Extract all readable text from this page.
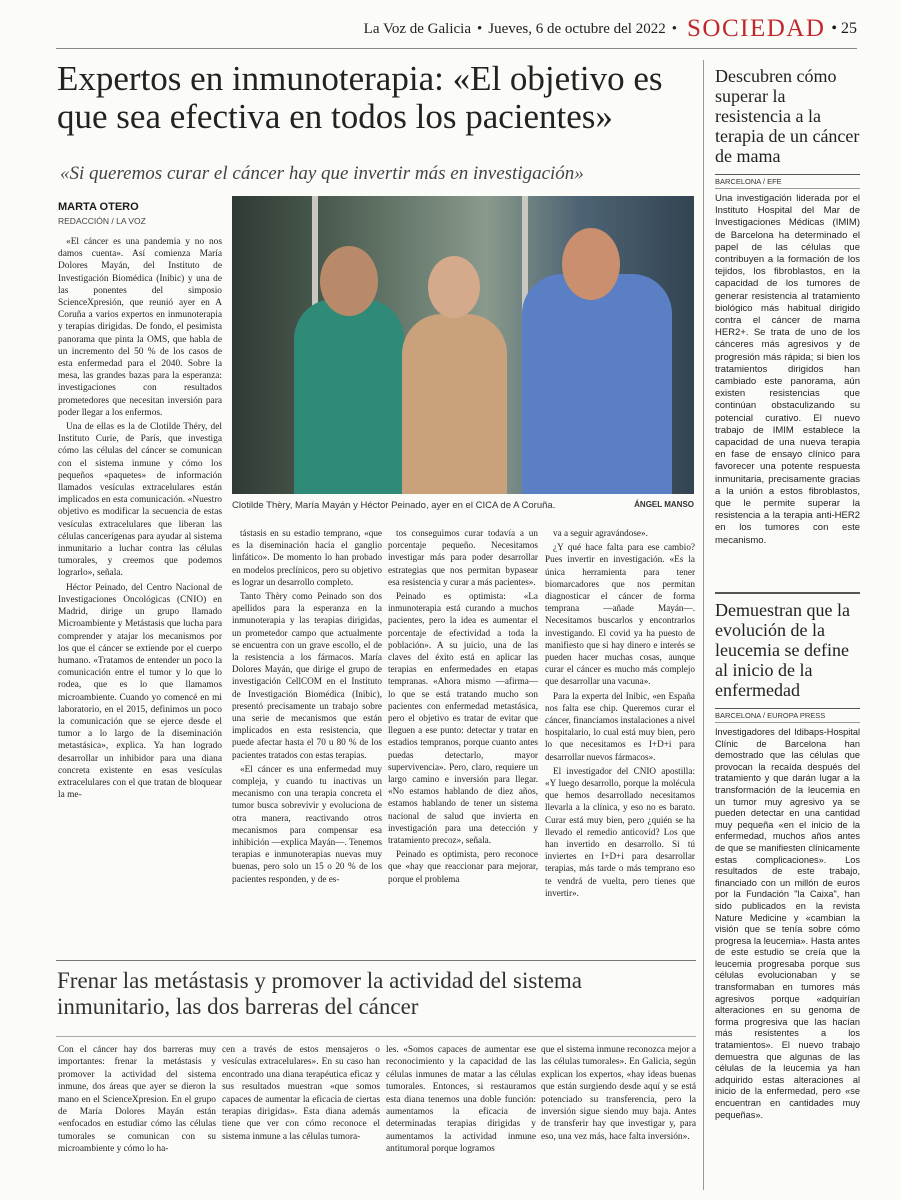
La Voz de Galicia • Jueves, 6 de octubre del 2022 • SOCIEDAD • 25
Expertos en inmunoterapia: «El objetivo es que sea efectiva en todos los pacientes»
«Si queremos curar el cáncer hay que invertir más en investigación»
MARTA OTERO
REDACCIÓN / LA VOZ

«El cáncer es una pandemia y no nos damos cuenta». Así comienza María Dolores Mayán, del Instituto de Investigación Biomédica (Inibic) y una de las ponentes del simposio ScienceXpresión, que reunió ayer en A Coruña a varios expertos en inmunoterapia y terapias dirigidas. De fondo, el pesimista panorama que pinta la OMS, que habla de un incremento del 50 % de los casos de esta enfermedad para el 2040. Sobre la mesa, las grandes bazas para la esperanza: investigaciones con resultados prometedores que necesitan inversión para poder llegar a los enfermos.

Una de ellas es la de Clotilde Théry, del Instituto Curie, de París, que investiga cómo las células del cáncer se comunican con el sistema inmune y cómo los pequeños «paquetes» de información llamados vesículas extracelulares están implicados en esta comunicación. «Nuestro objetivo es modificar la secuencia de estas vesículas extracelulares que liberan las células cancerígenas para ayudar al sistema inmunitario a luchar contra las células tumorales, y creemos que podemos lograrlo», señala.

Héctor Peinado, del Centro Nacional de Investigaciones Oncológicas (CNIO) en Madrid, dirige un grupo llamado Microambiente y Metástasis que lucha para comprender y atajar los mecanismos por los que el cáncer se extiende por el cuerpo humano. «Tratamos de entender un poco la comunicación entre el tumor y lo que lo rodea, que es lo que llamamos microambiente. Cuando yo comencé en mi laboratorio, en el 2015, definimos un poco la comunicación que se ejerce desde el tumor a lo largo de la diseminación metastásica», explica. Ya han logrado desarrollar un inhibidor para una diana concreta existente en esas vesículas extracelulares con el que tratan de bloquear la me-

Clotilde Thèry, María Mayán y Héctor Peinado, ayer en el CICA de A Coruña.	ÁNGEL MANSO

tástasis en su estadio temprano, «que es la diseminación hacia el ganglio linfático». De momento lo han probado en modelos preclínicos, pero su objetivo es lograr un desarrollo completo.

Tanto Thèry como Peinado son dos apellidos para la esperanza en la inmunoterapia y las terapias dirigidas, un prometedor campo que actualmente se encuentra con un grave escollo, el de la resistencia a los fármacos. María Dolores Mayán, que dirige el grupo de investigación CellCOM en el Instituto de Investigación Biomédica (Inibic), presentó precisamente un trabajo sobre una serie de mecanismos que están implicados en esta resistencia, que puede afectar hasta el 70 u 80 % de los pacientes tratados con estas terapias.

«El cáncer es una enfermedad muy compleja, y cuando tu inactivas un mecanismo con una terapia concreta el tumor busca sobrevivir y evoluciona de otra manera, reactivando otros mecanismos para compensar esa inhibición —explica Mayán—. Tenemos terapias e inmunoterapias nuevas muy buenas, pero solo un 15 o 20 % de los pacientes responden, y de es-

tos conseguimos curar todavía a un porcentaje pequeño. Necesitamos investigar más para poder desarrollar estrategias que nos permitan bypasear esa resistencia y curar a más pacientes».

Peinado es optimista: «La inmunoterapia está curando a muchos pacientes, pero la idea es aumentar el porcentaje de efectividad a toda la población». A su juicio, una de las claves del éxito está en aplicar las terapias en enfermedades en etapas tempranas. «Ahora mismo —afirma— lo que se está tratando mucho son pacientes con enfermedad metastásica, pero el objetivo es tratar de evitar que lleguen a ese punto: detectar y tratar en estadios tempranos, porque cuanto antes puedas detectarlo, mayor supervivencia». Pero, claro, requiere un largo camino e inversión para llegar. «No estamos hablando de diez años, estamos hablando de tener un sistema nacional de salud que invierta en investigación para una detección y tratamiento precoz», señala.

Peinado es optimista, pero reconoce que «hay que reaccionar para mejorar, porque el problema

va a seguir agravándose».

¿Y qué hace falta para ese cambio? Pues invertir en investigación. «Es la única herramienta para tener biomarcadores que nos permitan diagnosticar el cáncer de forma temprana —añade Mayán—. Necesitamos buscarlos y encontrarlos investigando. El covid ya ha puesto de manifiesto que si hay dinero e interés se pueden hacer muchas cosas, aunque curar el cáncer es mucho más complejo que desarrollar una vacuna».

Para la experta del Inibic, «en España nos falta ese chip. Queremos curar el cáncer, financiamos instalaciones a nivel hospitalario, lo cual está muy bien, pero lo que necesitamos es I+D+i para desarrollar nuevos fármacos».

El investigador del CNIO apostilla: «Y luego desarrollo, porque la molécula que hemos desarrollado necesitamos llevarla a la clínica, y eso no es barato. Curar está muy bien, pero ¿quién se ha llevado el remedio anticovid? Los que han invertido en desarrollo. Si tú inviertes en I+D+i para desarrollar terapias, más tarde o más temprano eso te vendrá de vuelta, pero tienes que invertir».

Frenar las metástasis y promover la actividad del sistema inmunitario, las dos barreras del cáncer
Con el cáncer hay dos barreras muy importantes: frenar la metástasis y promover la actividad del sistema inmune, dos áreas que ayer se dieron la mano en el ScienceXpresion. En el grupo de María Dolores Mayán están «enfocados en estudiar cómo las células tumorales se comunican con su microambiente y cómo lo ha-
cen a través de estos mensajeros o vesículas extracelulares». En su caso han encontrado una diana terapéutica eficaz y sus resultados muestran «que somos capaces de aumentar la eficacia de ciertas terapias dirigidas». Esta diana además tiene que ver con cómo reconoce el sistema inmune a las células tumora-
les. «Somos capaces de aumentar ese reconocimiento y la capacidad de las células inmunes de matar a las células tumorales. Entonces, si restauramos esta diana tenemos una doble función: aumentamos la eficacia de determinadas terapias dirigidas y aumentamos la actividad inmune antitumoral porque logramos
que el sistema inmune reconozca mejor a las células tumorales». En Galicia, según explican los expertos, «hay ideas buenas que están surgiendo desde aquí y se está potenciado su transferencia, pero la inversión sigue siendo muy baja. Antes de transferir hay que investigar y, para eso, una vez más, hace falta inversión».
Descubren cómo superar la resistencia a la terapia de un cáncer de mama
BARCELONA / EFE
Una investigación liderada por el Instituto Hospital del Mar de Investigaciones Médicas (IMIM) de Barcelona ha determinado el papel de las células que contribuyen a la formación de los tejidos, los fibroblastos, en la capacidad de los tumores de generar resistencia al tratamiento biológico más habitual dirigido contra el cáncer de mama HER2+. Se trata de uno de los cánceres más agresivos y de progresión más rápida; si bien los tratamientos dirigidos han cambiado este panorama, aún existen resistencias que continúan obstaculizando su potencial curativo. El nuevo trabajo de IMIM establece la capacidad de una nueva terapia en fase de ensayo clínico para favorecer una potente respuesta inmunitaria, precisamente gracias a la unión a estos fibroblastos, que le permite superar la resistencia a la terapia anti-HER2 en los tumores con este mecanismo.
Demuestran que la evolución de la leucemia se define al inicio de la enfermedad
BARCELONA / EUROPA PRESS
Investigadores del Idibaps-Hospital Clínic de Barcelona han demostrado que las células que provocan la recaída después del tratamiento y que darán lugar a la transformación de la leucemia en un tumor muy agresivo ya se pueden detectar en una cantidad muy pequeña «en el inicio de la enfermedad, muchos años antes de que se manifiesten clínicamente estas complicaciones». Los resultados de este trabajo, financiado con un millón de euros por la Fundación "la Caixa", han sido publicados en la revista Nature Medicine y «cambian la visión que se tenía sobre cómo progresa la leucemia». Hasta antes de este estudio se creía que la leucemia progresaba porque sus células evolucionaban y se transformaban en tumores más agresivos porque «adquirían alteraciones en su genoma de forma progresiva que las hacían más resistentes a los tratamientos». El nuevo trabajo demuestra que algunas de las células de la leucemia ya han adquirido estas alteraciones al inicio de la enfermedad, pero «se encuentran en cantidades muy pequeñas».
